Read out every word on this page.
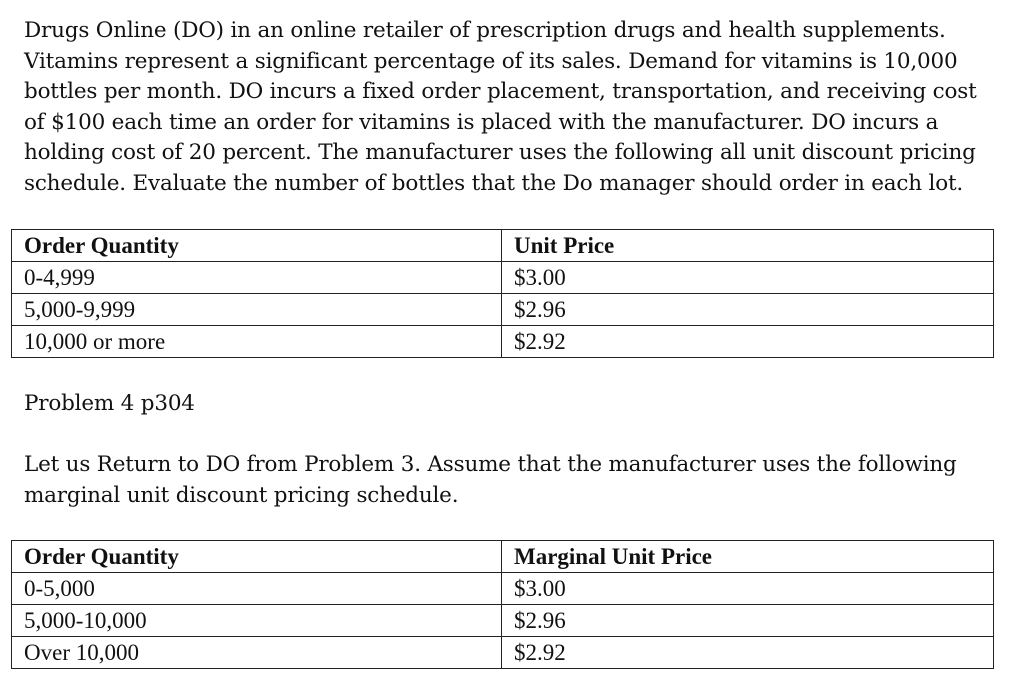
Drugs Online (DO) in an online retailer of prescription drugs and health supplements.
Vitamins represent a significant percentage of its sales. Demand for vitamins is 10,000
bottles per month. DO incurs a fixed order placement, transportation, and receiving cost
of $100 each time an order for vitamins is placed with the manufacturer. DO incurs a
holding cost of 20 percent. The manufacturer uses the following all unit discount pricing
schedule. Evaluate the number of bottles that the Do manager should order in each lot.

Order Quantity	Unit Price
0-4,999	$3.00
5,000-9,999	$2.96
10,000 or more	$2.92

Problem 4 p304

Let us Return to DO from Problem 3. Assume that the manufacturer uses the following
marginal unit discount pricing schedule.

Order Quantity	Marginal Unit Price
0-5,000	$3.00
5,000-10,000	$2.96
Over 10,000	$2.92
